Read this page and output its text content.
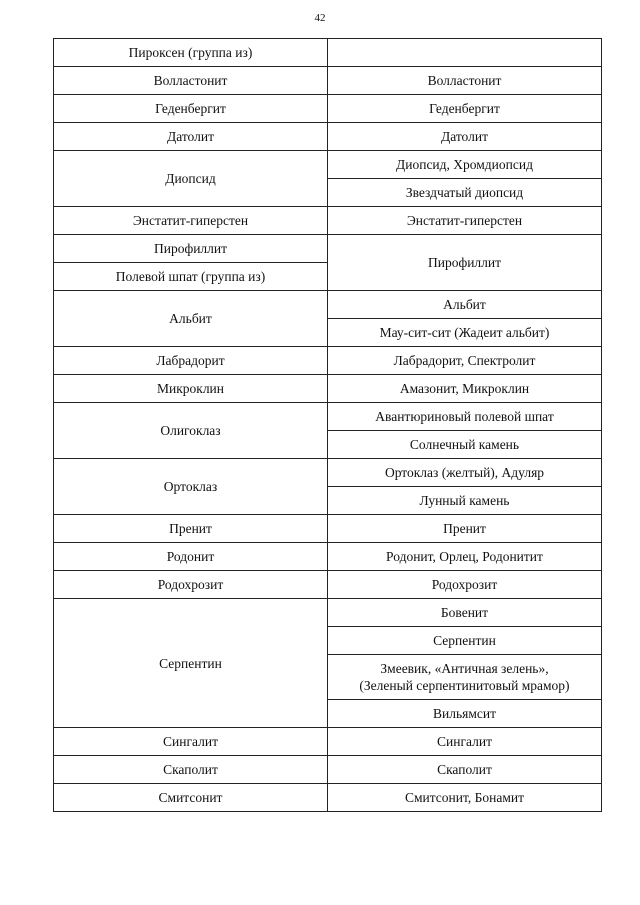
42
Пироксен (группа из)	
Волластонит	Волластонит
Геденбергит	Геденбергит
Датолит	Датолит
Диопсид	Диопсид, Хромдиопсид
	Звездчатый диопсид
Энстатит-гиперстен	Энстатит-гиперстен
Пирофиллит	Пирофиллит
Полевой шпат (группа из)	
Альбит	Альбит
	Мау-сит-сит (Жадеит альбит)
Лабрадорит	Лабрадорит, Спектролит
Микроклин	Амазонит, Микроклин
Олигоклаз	Авантюриновый полевой шпат
	Солнечный камень
Ортоклаз	Ортоклаз (желтый), Адуляр
	Лунный камень
Пренит	Пренит
Родонит	Родонит, Орлец, Родонитит
Родохрозит	Родохрозит
Серпентин	Бовенит
	Серпентин

	Змеевик, «Античная зелень»,
(Зеленый серпентинитовый мрамор)

	Вильямсит
Сингалит	Сингалит
Скаполит	Скаполит
Смитсонит	Смитсонит, Бонамит
